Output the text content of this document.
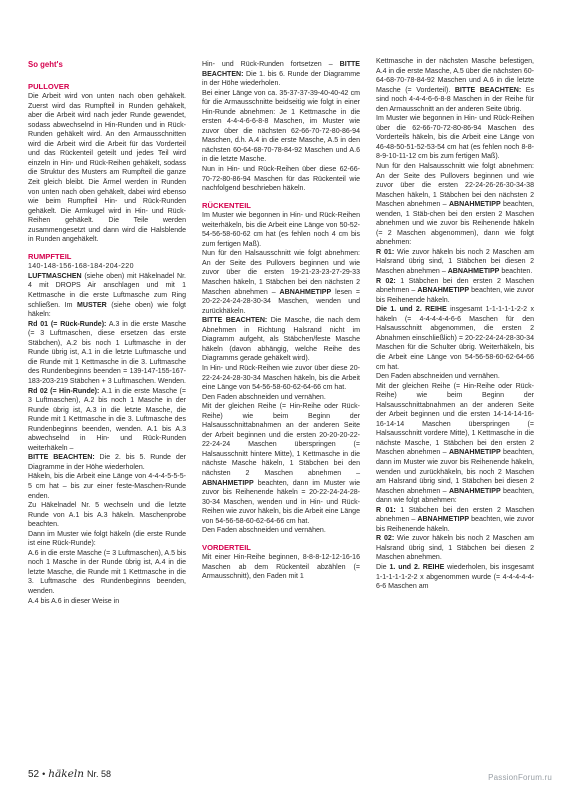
So geht's
PULLOVER

Die Arbeit wird von unten nach oben gehäkelt. Zuerst wird das Rumpfteil in Runden gehäkelt, aber die Arbeit wird nach jeder Runde gewendet, sodass abwechselnd in Hin-Runden und in Rück-Runden gehäkelt wird. An den Armausschnitten wird die Arbeit wird die Arbeit für das Vorderteil und das Rückenteil geteilt und jedes Teil wird einzeln in Hin- und Rück-Reihen gehäkelt, sodass die Struktur des Musters am Rumpfteil die ganze Zeit gleich bleibt. Die Ärmel werden in Runden von unten nach oben gehäkelt, dabei wird ebenso wie beim Rumpfteil Hin- und Rück-Runden gehäkelt. Die Armkugel wird in Hin- und Rück-Reihen gehäkelt. Die Teile werden zusammengesetzt und dann wird die Halsblende in Runden angehäkelt.

RUMPFTEIL

140-148-156-168-184-204-220

LUFTMASCHEN (siehe oben) mit Häkelnadel Nr. 4 mit DROPS Air anschlagen und mit 1 Kettmasche in die erste Luftmasche zum Ring schließen. Im MUSTER (siehe oben) wie folgt häkeln:

Rd 01 (= Rück-Runde): A.3 in die erste Masche (= 3 Luftmaschen, diese ersetzen das erste Stäbchen), A.2 bis noch 1 Luftmasche in der Runde übrig ist, A.1 in die letzte Luftmasche und die Runde mit 1 Kettmasche in die 3. Luftmasche des Rundenbeginns beenden = 139-147-155-167-183-203-219 Stäbchen + 3 Luftmaschen. Wenden.

Rd 02 (= Hin-Runde): A.1 in die erste Masche (= 3 Luftmaschen), A.2 bis noch 1 Masche in der Runde übrig ist, A.3 in die letzte Masche, die Runde mit 1 Kettmasche in die 3. Luftmasche des Rundenbeginns beenden, wenden. A.1 bis A.3 abwechselnd in Hin- und Rück-Runden weiterhäkeln –

BITTE BEACHTEN: Die 2. bis 5. Runde der Diagramme in der Höhe wiederholen.

Häkeln, bis die Arbeit eine Länge von 4-4-4-5-5-5-5 cm hat – bis zur einer feste-Maschen-Runde enden.

Zu Häkelnadel Nr. 5 wechseln und die letzte Runde von A.1 bis A.3 häkeln. Maschenprobe beachten.

Dann im Muster wie folgt häkeln (die erste Runde ist eine Rück-Runde):

A.6 in die erste Masche (= 3 Luftmaschen), A.5 bis noch 1 Masche in der Runde übrig ist, A.4 in die letzte Masche, die Runde mit 1 Kettmasche in die 3. Luftmasche des Rundenbeginns beenden, wenden.

A.4 bis A.6 in dieser Weise in

Hin- und Rück-Runden fortsetzen – BITTE BEACHTEN: Die 1. bis 6. Runde der Diagramme in der Höhe wiederholen.

Bei einer Länge von ca. 35-37-37-39-40-40-42 cm für die Armausschnitte beidseitig wie folgt in einer Hin-Runde abnehmen: Je 1 Kettmasche in die ersten 4-4-4-6-6-8-8 Maschen, im Muster wie zuvor über die nächsten 62-66-70-72-80-86-94 Maschen, d.h. A.4 in die erste Masche, A.5 in den nächsten 60-64-68-70-78-84-92 Maschen und A.6 in die letzte Masche.

Nun in Hin- und Rück-Reihen über diese 62-66-70-72-80-86-94 Maschen für das Rückenteil wie nachfolgend beschrieben häkeln.

RÜCKENTEIL

Im Muster wie begonnen in Hin- und Rück-Reihen weiterhäkeln, bis die Arbeit eine Länge von 50-52-54-56-58-60-62 cm hat (es fehlen noch 4 cm bis zum fertigen Maß).

Nun für den Halsausschnitt wie folgt abnehmen: An der Seite des Pullovers beginnen und wie zuvor über die ersten 19-21-23-23-27-29-33 Maschen häkeln, 1 Stäbchen bei den nächsten 2 Maschen abnehmen – ABNAHMETIPP lesen = 20-22-24-24-28-30-34 Maschen, wenden und zurückhäkeln.

BITTE BEACHTEN: Die Masche, die nach dem Abnehmen in Richtung Halsrand nicht im Diagramm aufgeht, als Stäbchen/feste Masche häkeln (davon abhängig, welche Reihe des Diagramms gerade gehäkelt wird).

In Hin- und Rück-Reihen wie zuvor über diese 20-22-24-24-28-30-34 Maschen häkeln, bis die Arbeit eine Länge von 54-56-58-60-62-64-66 cm hat.

Den Faden abschneiden und vernähen.

Mit der gleichen Reihe (= Hin-Reihe oder Rück-Reihe) wie beim Beginn der Halsausschnittabnahmen an der anderen Seite der Arbeit beginnen und die ersten 20-20-20-22-22-24-24 Maschen überspringen (= Halsausschnitt hintere Mitte), 1 Kettmasche in die nächste Masche häkeln, 1 Stäbchen bei den nächsten 2 Maschen abnehmen – ABNAHMETIPP beachten, dann im Muster wie zuvor bis Reihenende häkeln = 20-22-24-24-28-30-34 Maschen, wenden und in Hin- und Rück-Reihen wie zuvor häkeln, bis die Arbeit eine Länge von 54-56-58-60-62-64-66 cm hat.

Den Faden abschneiden und vernähen.

VORDERTEIL

Mit einer Hin-Reihe beginnen, 8-8-8-12-12-16-16 Maschen ab dem Rückenteil abzählen (= Armausschnitt), den Faden mit 1

Kettmasche in der nächsten Masche befestigen, A.4 in die erste Masche, A.5 über die nächsten 60-64-68-70-78-84-92 Maschen und A.6 in die letzte Masche (= Vorderteil). BITTE BEACHTEN: Es sind noch 4-4-4-6-6-8-8 Maschen in der Reihe für den Armausschnitt an der anderen Seite übrig.

Im Muster wie begonnen in Hin- und Rück-Reihen über die 62-66-70-72-80-86-94 Maschen des Vorderteils häkeln, bis die Arbeit eine Länge von 46-48-50-51-52-53-54 cm hat (es fehlen noch 8-8-8-9-10-11-12 cm bis zum fertigen Maß).

Nun für den Halsausschnitt wie folgt abnehmen: An der Seite des Pullovers beginnen und wie zuvor über die ersten 22-24-26-26-30-34-38 Maschen häkeln, 1 Stäbchen bei den nächsten 2 Maschen abnehmen – ABNAHMETIPP beachten, wenden, 1 Stäb-chen bei den ersten 2 Maschen abnehmen und wie zuvor bis Reihenende häkeln (= 2 Maschen abgenommen), dann wie folgt abnehmen:

R 01: Wie zuvor häkeln bis noch 2 Maschen am Halsrand übrig sind, 1 Stäbchen bei diesen 2 Maschen abnehmen – ABNAHMETIPP beachten.

R 02: 1 Stäbchen bei den ersten 2 Maschen abnehmen – ABNAHMETIPP beachten, wie zuvor bis Reihenende häkeln.

Die 1. und 2. REIHE insgesamt 1-1-1-1-1-2-2 x häkeln (= 4-4-4-4-4-6-6 Maschen für den Halsausschnitt abgenommen, die ersten 2 Abnahmen einschließlich) = 20-22-24-24-28-30-34 Maschen für die Schulter übrig. Weiterhäkeln, bis die Arbeit eine Länge von 54-56-58-60-62-64-66 cm hat.

Den Faden abschneiden und vernähen.

Mit der gleichen Reihe (= Hin-Reihe oder Rück-Reihe) wie beim Beginn der Halsausschnittabnahmen an der anderen Seite der Arbeit beginnen und die ersten 14-14-14-16-16-14-14 Maschen überspringen (= Halsausschnitt vordere Mitte), 1 Kettmasche in die nächste Masche, 1 Stäbchen bei den ersten 2 Maschen abnehmen – ABNAHMETIPP beachten, dann im Muster wie zuvor bis Reihenende häkeln, wenden und zurückhäkeln, bis noch 2 Maschen am Halsrand übrig sind, 1 Stäbchen bei diesen 2 Maschen abnehmen – ABNAHMETIPP beachten, dann wie folgt abnehmen:

R 01: 1 Stäbchen bei den ersten 2 Maschen abnehmen – ABNAHMETIPP beachten, wie zuvor bis Reihenende häkeln.

R 02: Wie zuvor häkeln bis noch 2 Maschen am Halsrand übrig sind, 1 Stäbchen bei diesen 2 Maschen abnehmen.

Die 1. und 2. REIHE wiederholen, bis insgesamt 1-1-1-1-1-2-2 x abgenommen wurde (= 4-4-4-4-4-6-6 Maschen am

52 • häkeln Nr. 58	PassionForum.ru
